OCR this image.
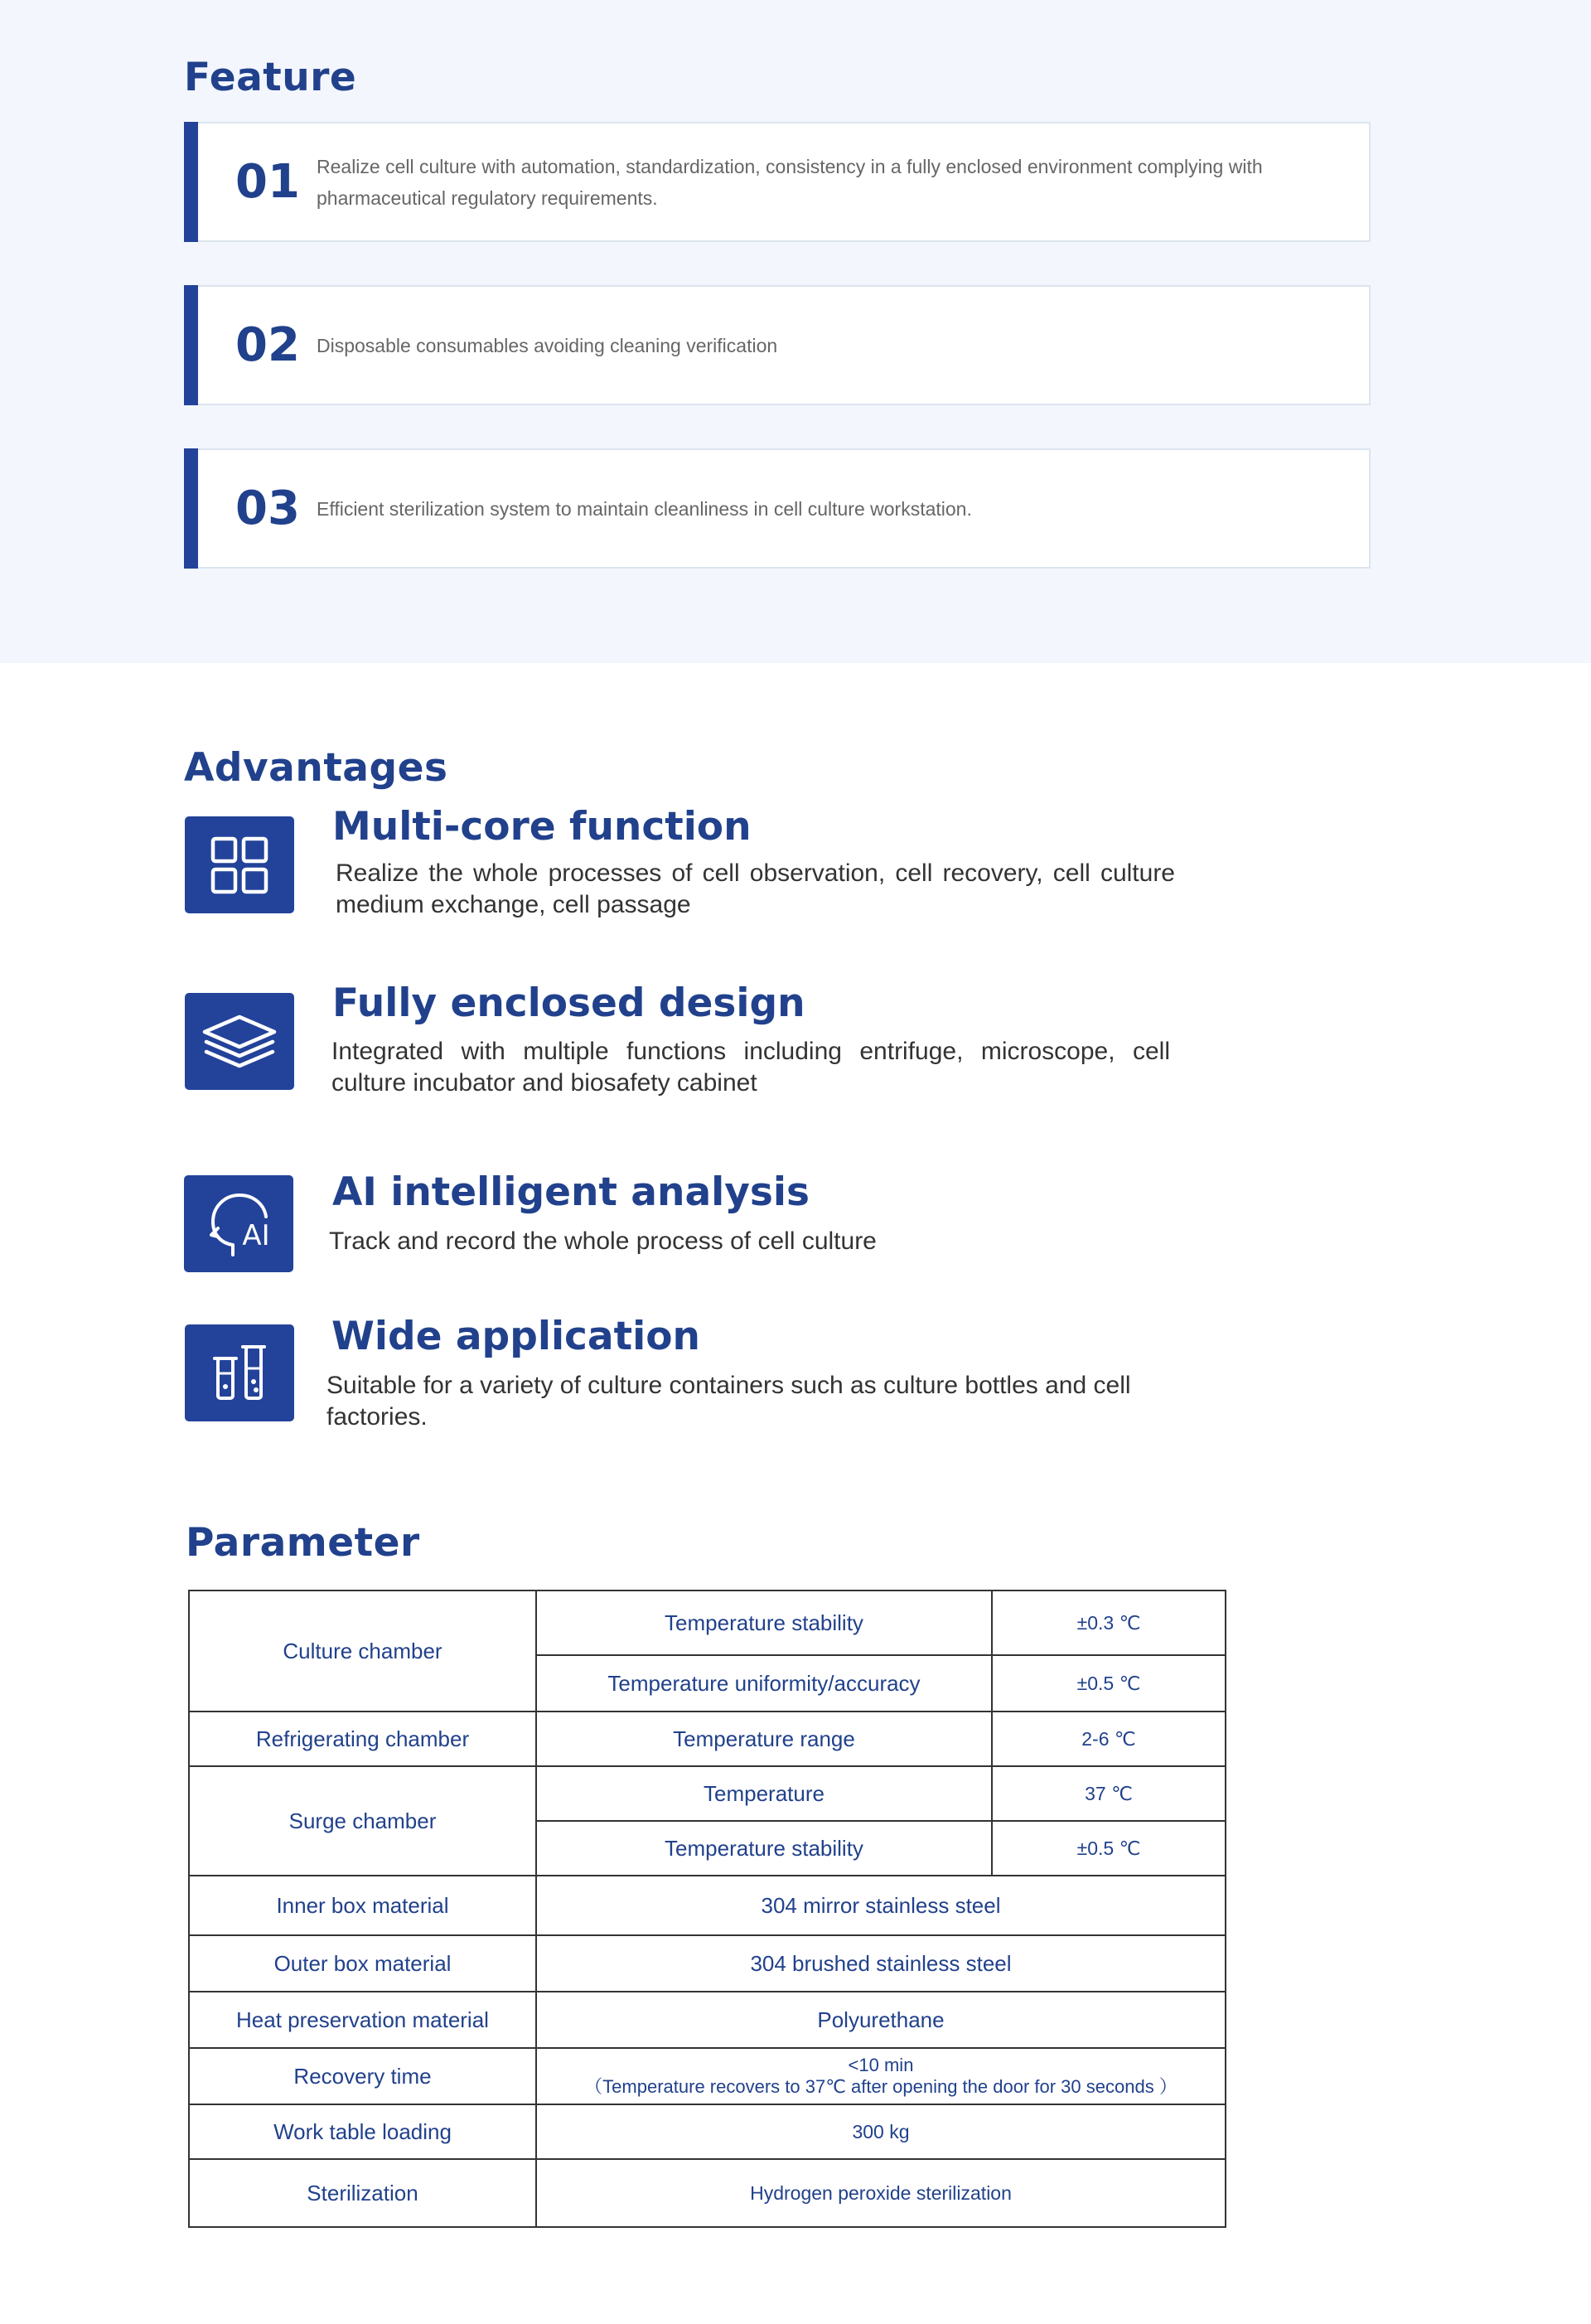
Feature
01 Realize cell culture with automation, standardization, consistency in a fully enclosed environment complying with pharmaceutical regulatory requirements.
02 Disposable consumables avoiding cleaning verification
03 Efficient sterilization system to maintain cleanliness in cell culture workstation.
Advantages
Multi-core function

Realize the whole processes of cell observation, cell recovery, cell culture medium exchange, cell passage

Fully enclosed design

Integrated with multiple functions including entrifuge, microscope, cell culture incubator and biosafety cabinet

AI
AI intelligent analysis

Track and record the whole process of cell culture

Wide application

Suitable for a variety of culture containers such as culture bottles and cell factories.

Parameter
Culture chamber	Temperature stability	±0.3 ℃
	Temperature uniformity/accuracy	±0.5 ℃
Refrigerating chamber	Temperature range	2-6 ℃
Surge chamber	Temperature	37 ℃
	Temperature stability	±0.5 ℃
Inner box material	304 mirror stainless steel	
Outer box material	304 brushed stainless steel	
Heat preservation material	Polyurethane	
Recovery time	<10 min
（Temperature recovers to 37℃ after opening the door for 30 seconds ）	

Work table loading	300 kg	
Sterilization	Hydrogen peroxide sterilization	
